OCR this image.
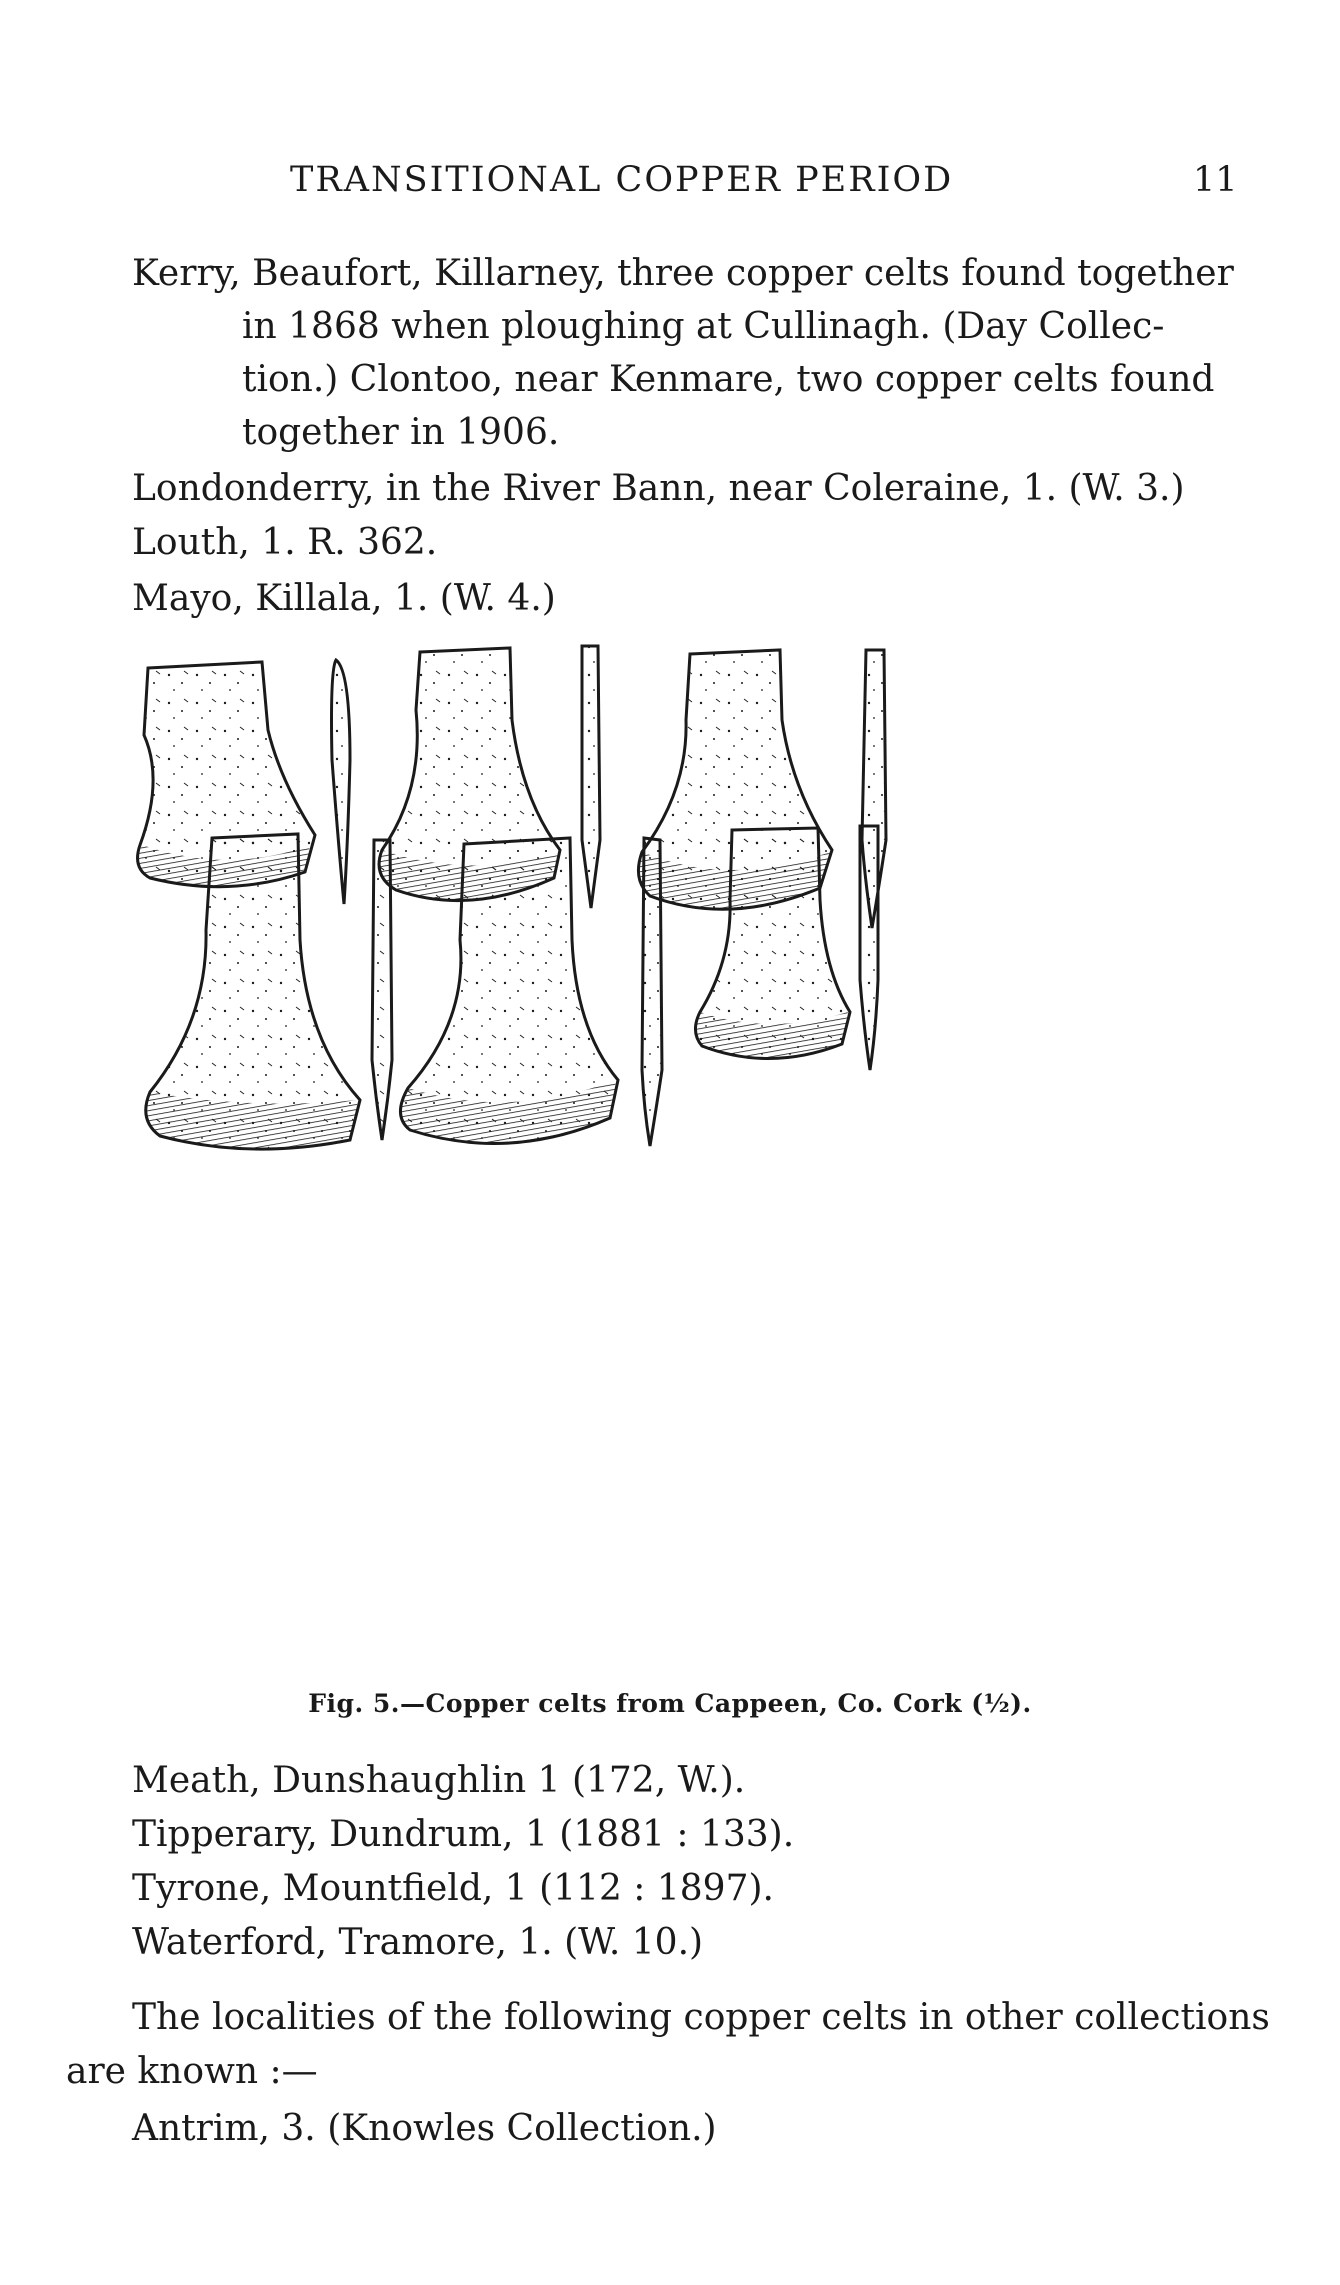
TRANSITIONAL COPPER PERIOD	11
Kerry, Beaufort, Killarney, three copper celts found together
in 1868 when ploughing at Cullinagh. (Day Collec-
tion.) Clontoo, near Kenmare, two copper celts found
together in 1906.
Londonderry, in the River Bann, near Coleraine, 1. (W. 3.)
Louth, 1. R. 362.
Mayo, Killala, 1. (W. 4.)
Fig. 5.—Copper celts from Cappeen, Co. Cork (½).
Meath, Dunshaughlin 1 (172, W.).
Tipperary, Dundrum, 1 (1881 : 133).
Tyrone, Mountfield, 1 (112 : 1897).
Waterford, Tramore, 1. (W. 10.)
The localities of the following copper celts in other collections
are known :—
Antrim, 3. (Knowles Collection.)
